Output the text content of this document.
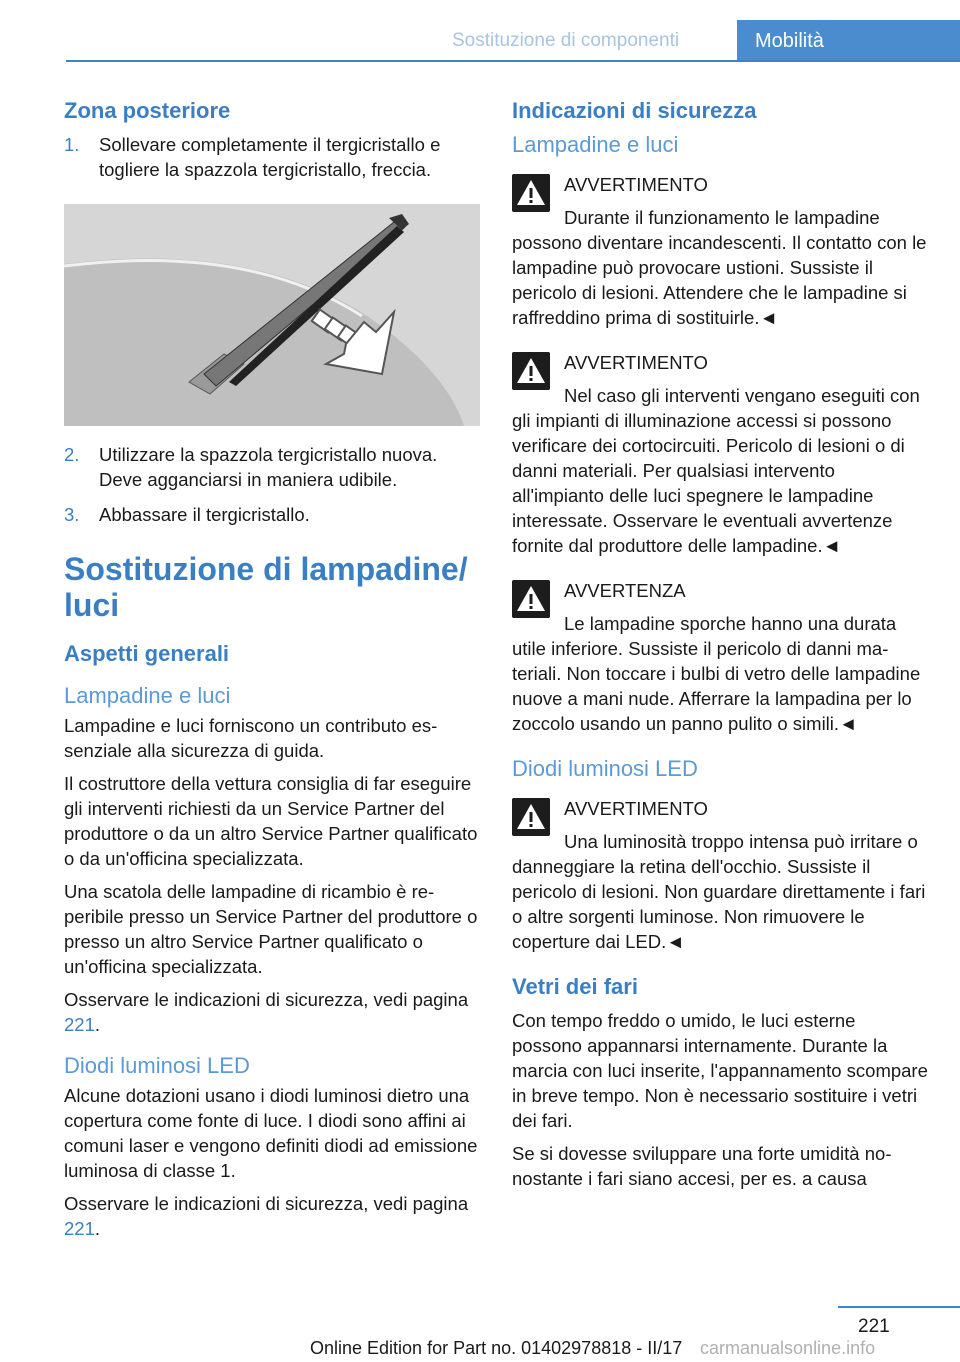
Sostituzione di componenti	Mobilità
Zona posteriore
1. Sollevare completamente il tergicristallo e togliere la spazzola tergicristallo, freccia.
2. Utilizzare la spazzola tergicristallo nuova. Deve agganciarsi in maniera udibile.
3. Abbassare il tergicristallo.
Sostituzione di lampadine/ luci
Aspetti generali
Lampadine e luci

Lampadine e luci forniscono un contributo essenziale alla sicurezza di guida.

Il costruttore della vettura consiglia di far eseguire gli interventi richiesti da un Service Partner del produttore o da un altro Service Partner qualificato o da un'officina specializzata.

Una scatola delle lampadine di ricambio è reperibile presso un Service Partner del produttore o presso un altro Service Partner qualificato o un'officina specializzata.

Osservare le indicazioni di sicurezza, vedi pagina 221.

Diodi luminosi LED

Alcune dotazioni usano i diodi luminosi dietro una copertura come fonte di luce. I diodi sono affini ai comuni laser e vengono definiti diodi ad emissione luminosa di classe 1.

Osservare le indicazioni di sicurezza, vedi pagina 221.

Indicazioni di sicurezza
Lampadine e luci
AVVERTIMENTO
Durante il funzionamento le lampadine possono diventare incandescenti. Il contatto con le lampadine può provocare ustioni. Sussiste il pericolo di lesioni. Attendere che le lampadine si raffreddino prima di sostituirle.◄
AVVERTIMENTO
Nel caso gli interventi vengano eseguiti con gli impianti di illuminazione accessi si possono verificare dei cortocircuiti. Pericolo di lesioni o di danni materiali. Per qualsiasi intervento all'impianto delle luci spegnere le lampadine interessate. Osservare le eventuali avvertenze fornite dal produttore delle lampadine.◄
AVVERTENZA
Le lampadine sporche hanno una durata utile inferiore. Sussiste il pericolo di danni materiali. Non toccare i bulbi di vetro delle lampadine nuove a mani nude. Afferrare la lampadina per lo zoccolo usando un panno pulito o simili.◄
Diodi luminosi LED
AVVERTIMENTO
Una luminosità troppo intensa può irritare o danneggiare la retina dell'occhio. Sussiste il pericolo di lesioni. Non guardare direttamente i fari o altre sorgenti luminose. Non rimuovere le coperture dai LED.◄
Vetri dei fari

Con tempo freddo o umido, le luci esterne possono appannarsi internamente. Durante la marcia con luci inserite, l'appannamento scompare in breve tempo. Non è necessario sostituire i vetri dei fari.

Se si dovesse sviluppare una forte umidità nonostante i fari siano accesi, per es. a causa

221
Online Edition for Part no. 01402978818 - II/17 carmanualsonline.info
